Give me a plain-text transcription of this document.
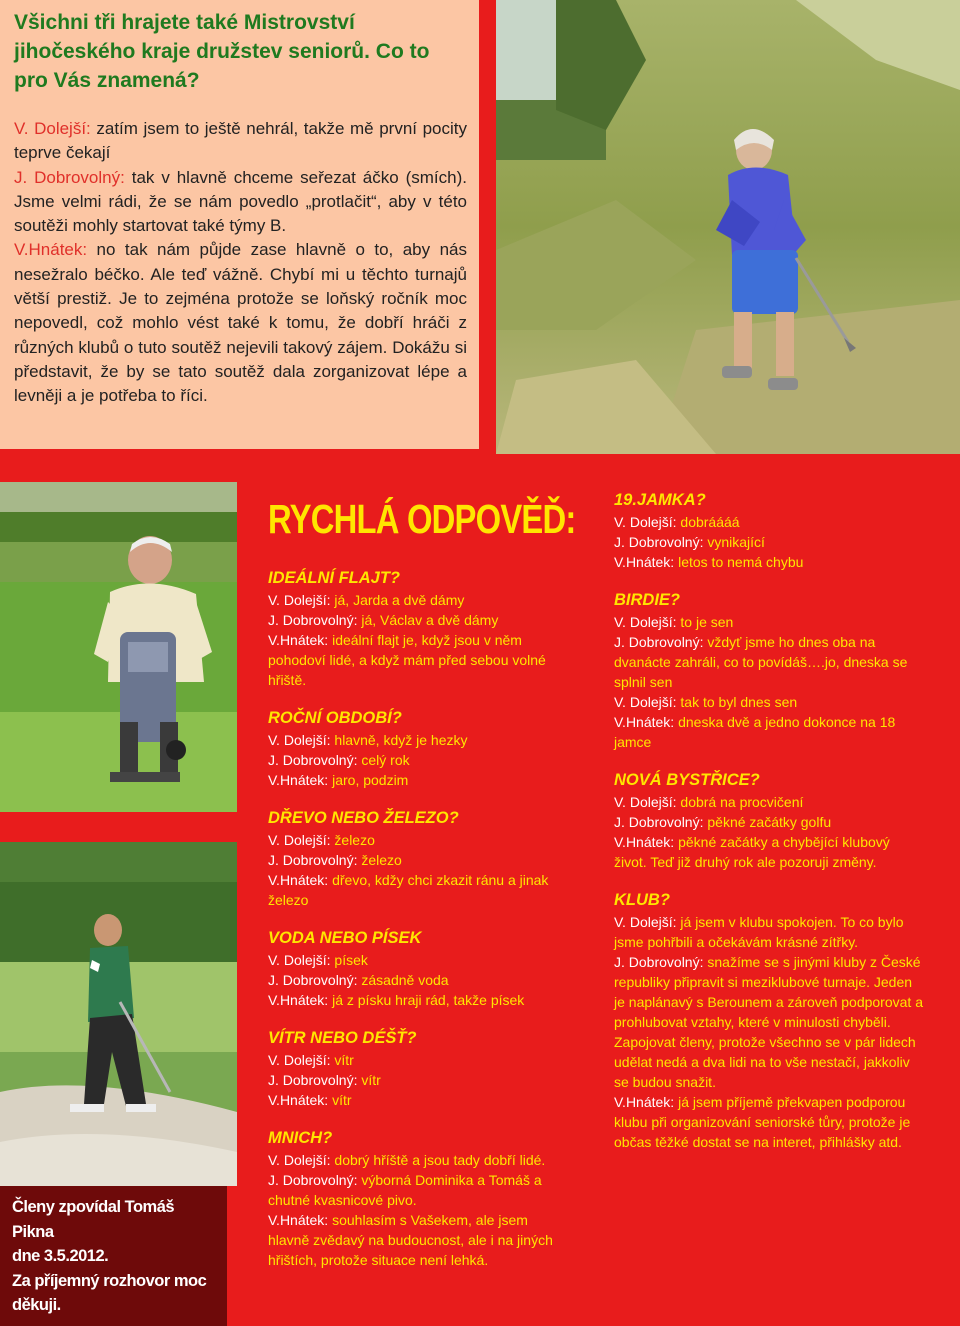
Všichni tři hrajete také Mistrovství jihočeského kraje družstev seniorů. Co to pro Vás znamená?

V. Dolejší: zatím jsem to ještě nehrál, takže mě první pocity teprve čekají
J. Dobrovolný: tak v hlavně chceme seřezat áčko (smích). Jsme velmi rádi, že se nám povedlo „protlačit“, aby v této soutěži mohly startovat také týmy B.
V.Hnátek: no tak nám půjde zase hlavně o to, aby nás nesežralo béčko. Ale teď vážně. Chybí mi u těchto turnajů větší prestiž. Je to zejména protože se loňský ročník moc nepovedl, což mohlo vést také k tomu, že dobří hráči z různých klubů o tuto soutěž nejevili takový zájem. Dokážu si představit, že by se tato soutěž dala zorganizovat lépe a levněji a je potřeba to říci.

Členy zpovídal Tomáš Pikna
dne 3.5.2012.
Za příjemný rozhovor moc
děkuji.
RYCHLÁ ODPOVĚĎ:
IDEÁLNÍ FLAJT?
V. Dolejší: já, Jarda a dvě dámy
J. Dobrovolný: já, Václav a dvě dámy
V.Hnátek: ideální flajt je, když jsou v něm pohodoví lidé, a když mám před sebou volné hřiště.
ROČNÍ OBDOBÍ?
V. Dolejší: hlavně, když je hezky
J. Dobrovolný: celý rok
V.Hnátek: jaro, podzim
DŘEVO NEBO ŽELEZO?
V. Dolejší: železo
J. Dobrovolný: železo
V.Hnátek: dřevo, kdžy chci zkazit ránu a jinak železo
VODA NEBO PÍSEK
V. Dolejší: písek
J. Dobrovolný: zásadně voda
V.Hnátek: já z písku hraji rád, takže písek
VÍTR NEBO DÉŠŤ?
V. Dolejší: vítr
J. Dobrovolný: vítr
V.Hnátek: vítr
MNICH?
V. Dolejší: dobrý hříště a jsou tady dobří lidé.
J. Dobrovolný: výborná Dominika a Tomáš a chutné kvasnicové pivo.
V.Hnátek: souhlasím s Vašekem, ale jsem hlavně zvědavý na budoucnost, ale i na jiných hřištích, protože situace není lehká.
19.JAMKA?
V. Dolejší: dobráááá
J. Dobrovolný: vynikající
V.Hnátek: letos to nemá chybu
BIRDIE?
V. Dolejší: to je sen
J. Dobrovolný: vždyť jsme ho dnes oba na dvanácte zahráli, co to povídáš….jo, dneska se splnil sen
V. Dolejší: tak to byl dnes sen
V.Hnátek: dneska dvě a jedno dokonce na 18 jamce
NOVÁ BYSTŘICE?
V. Dolejší: dobrá na procvičení
J. Dobrovolný: pěkné začátky golfu
V.Hnátek: pěkné začátky a chybějící klubový život. Teď již druhý rok ale pozoruji změny.
KLUB?
V. Dolejší: já jsem v klubu spokojen. To co bylo jsme pohřbili a očekávám krásné zítřky.
J. Dobrovolný: snažíme se s jinými kluby z České republiky připravit si meziklubové turnaje. Jeden je naplánavý s Berounem a zároveň podporovat a prohlubovat vztahy, které v minulosti chyběli. Zapojovat členy, protože všechno se v pár lidech udělat nedá a dva lidi na to vše nestačí, jakkoliv se budou snažit.
V.Hnátek: já jsem příjemě překvapen podporou klubu při organizování seniorské tůry, protože je občas těžké dostat se na interet, přihlášky atd.
